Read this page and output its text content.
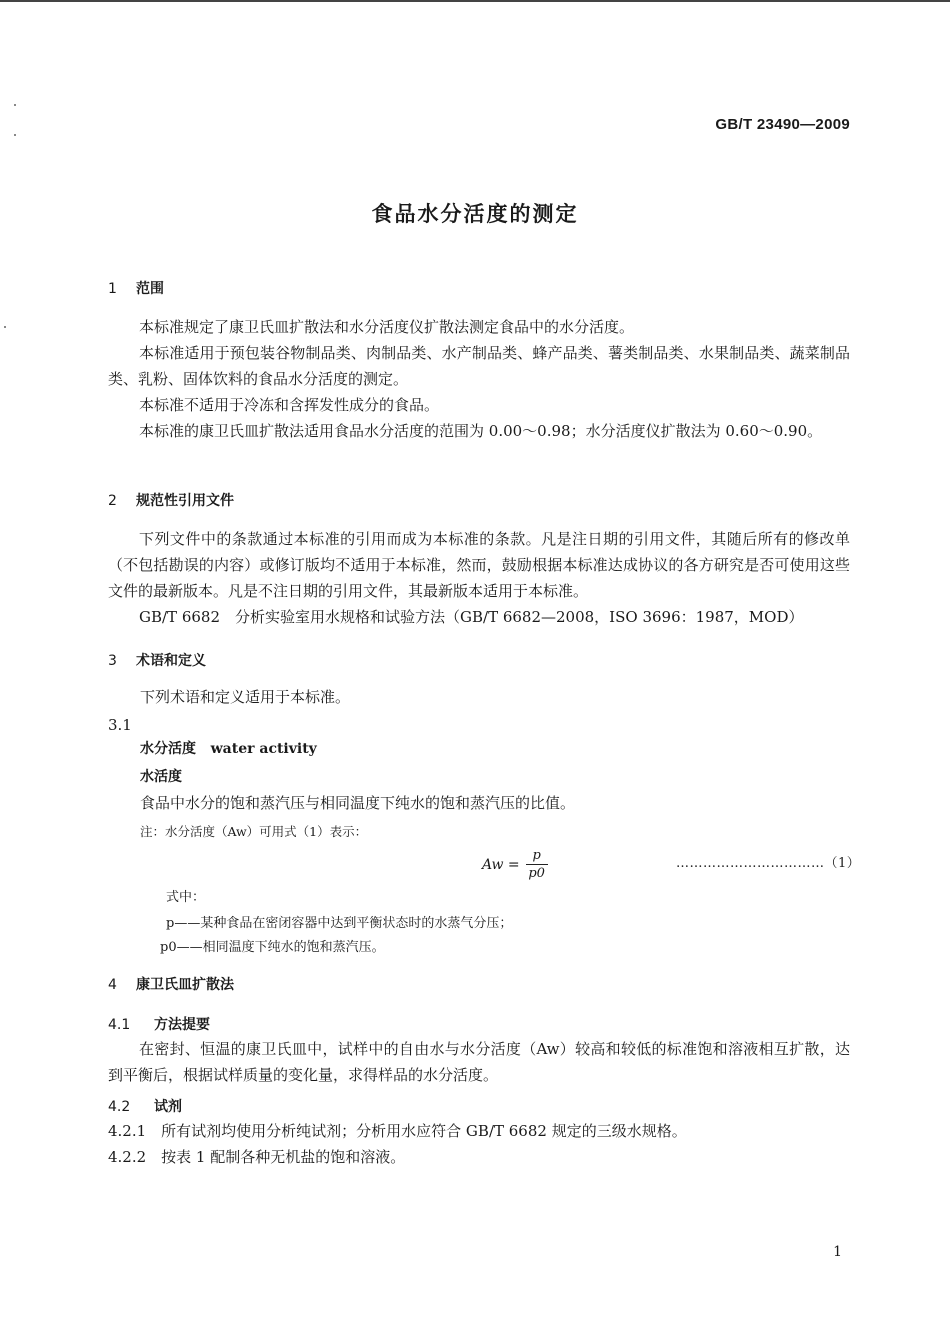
GB/T 23490—2009
食品水分活度的测定
1 范围

本标准规定了康卫氏皿扩散法和水分活度仪扩散法测定食品中的水分活度。

本标准适用于预包装谷物制品类、肉制品类、水产制品类、蜂产品类、薯类制品类、水果制品类、蔬菜制品类、乳粉、固体饮料的食品水分活度的测定。

本标准不适用于冷冻和含挥发性成分的食品。

本标准的康卫氏皿扩散法适用食品水分活度的范围为 0.00～0.98；水分活度仪扩散法为 0.60～0.90。

2 规范性引用文件

下列文件中的条款通过本标准的引用而成为本标准的条款。凡是注日期的引用文件，其随后所有的修改单（不包括勘误的内容）或修订版均不适用于本标准，然而，鼓励根据本标准达成协议的各方研究是否可使用这些文件的最新版本。凡是不注日期的引用文件，其最新版本适用于本标准。

GB/T 6682　分析实验室用水规格和试验方法（GB/T 6682—2008，ISO 3696：1987，MOD）

3 术语和定义
下列术语和定义适用于本标准。
3.1
水分活度 water activity
水活度
食品中水分的饱和蒸汽压与相同温度下纯水的饱和蒸汽压的比值。
注：水分活度（Aw）可用式（1）表示：
$Aw = \frac{p}{p0}$	……………………………（1）
式中：
p——某种食品在密闭容器中达到平衡状态时的水蒸气分压；
p0——相同温度下纯水的饱和蒸汽压。
4 康卫氏皿扩散法
4.1 方法提要

在密封、恒温的康卫氏皿中，试样中的自由水与水分活度（Aw）较高和较低的标准饱和溶液相互扩散，达到平衡后，根据试样质量的变化量，求得样品的水分活度。

4.2 试剂
4.2.1　所有试剂均使用分析纯试剂；分析用水应符合 GB/T 6682 规定的三级水规格。
4.2.2　按表 1 配制各种无机盐的饱和溶液。
1
